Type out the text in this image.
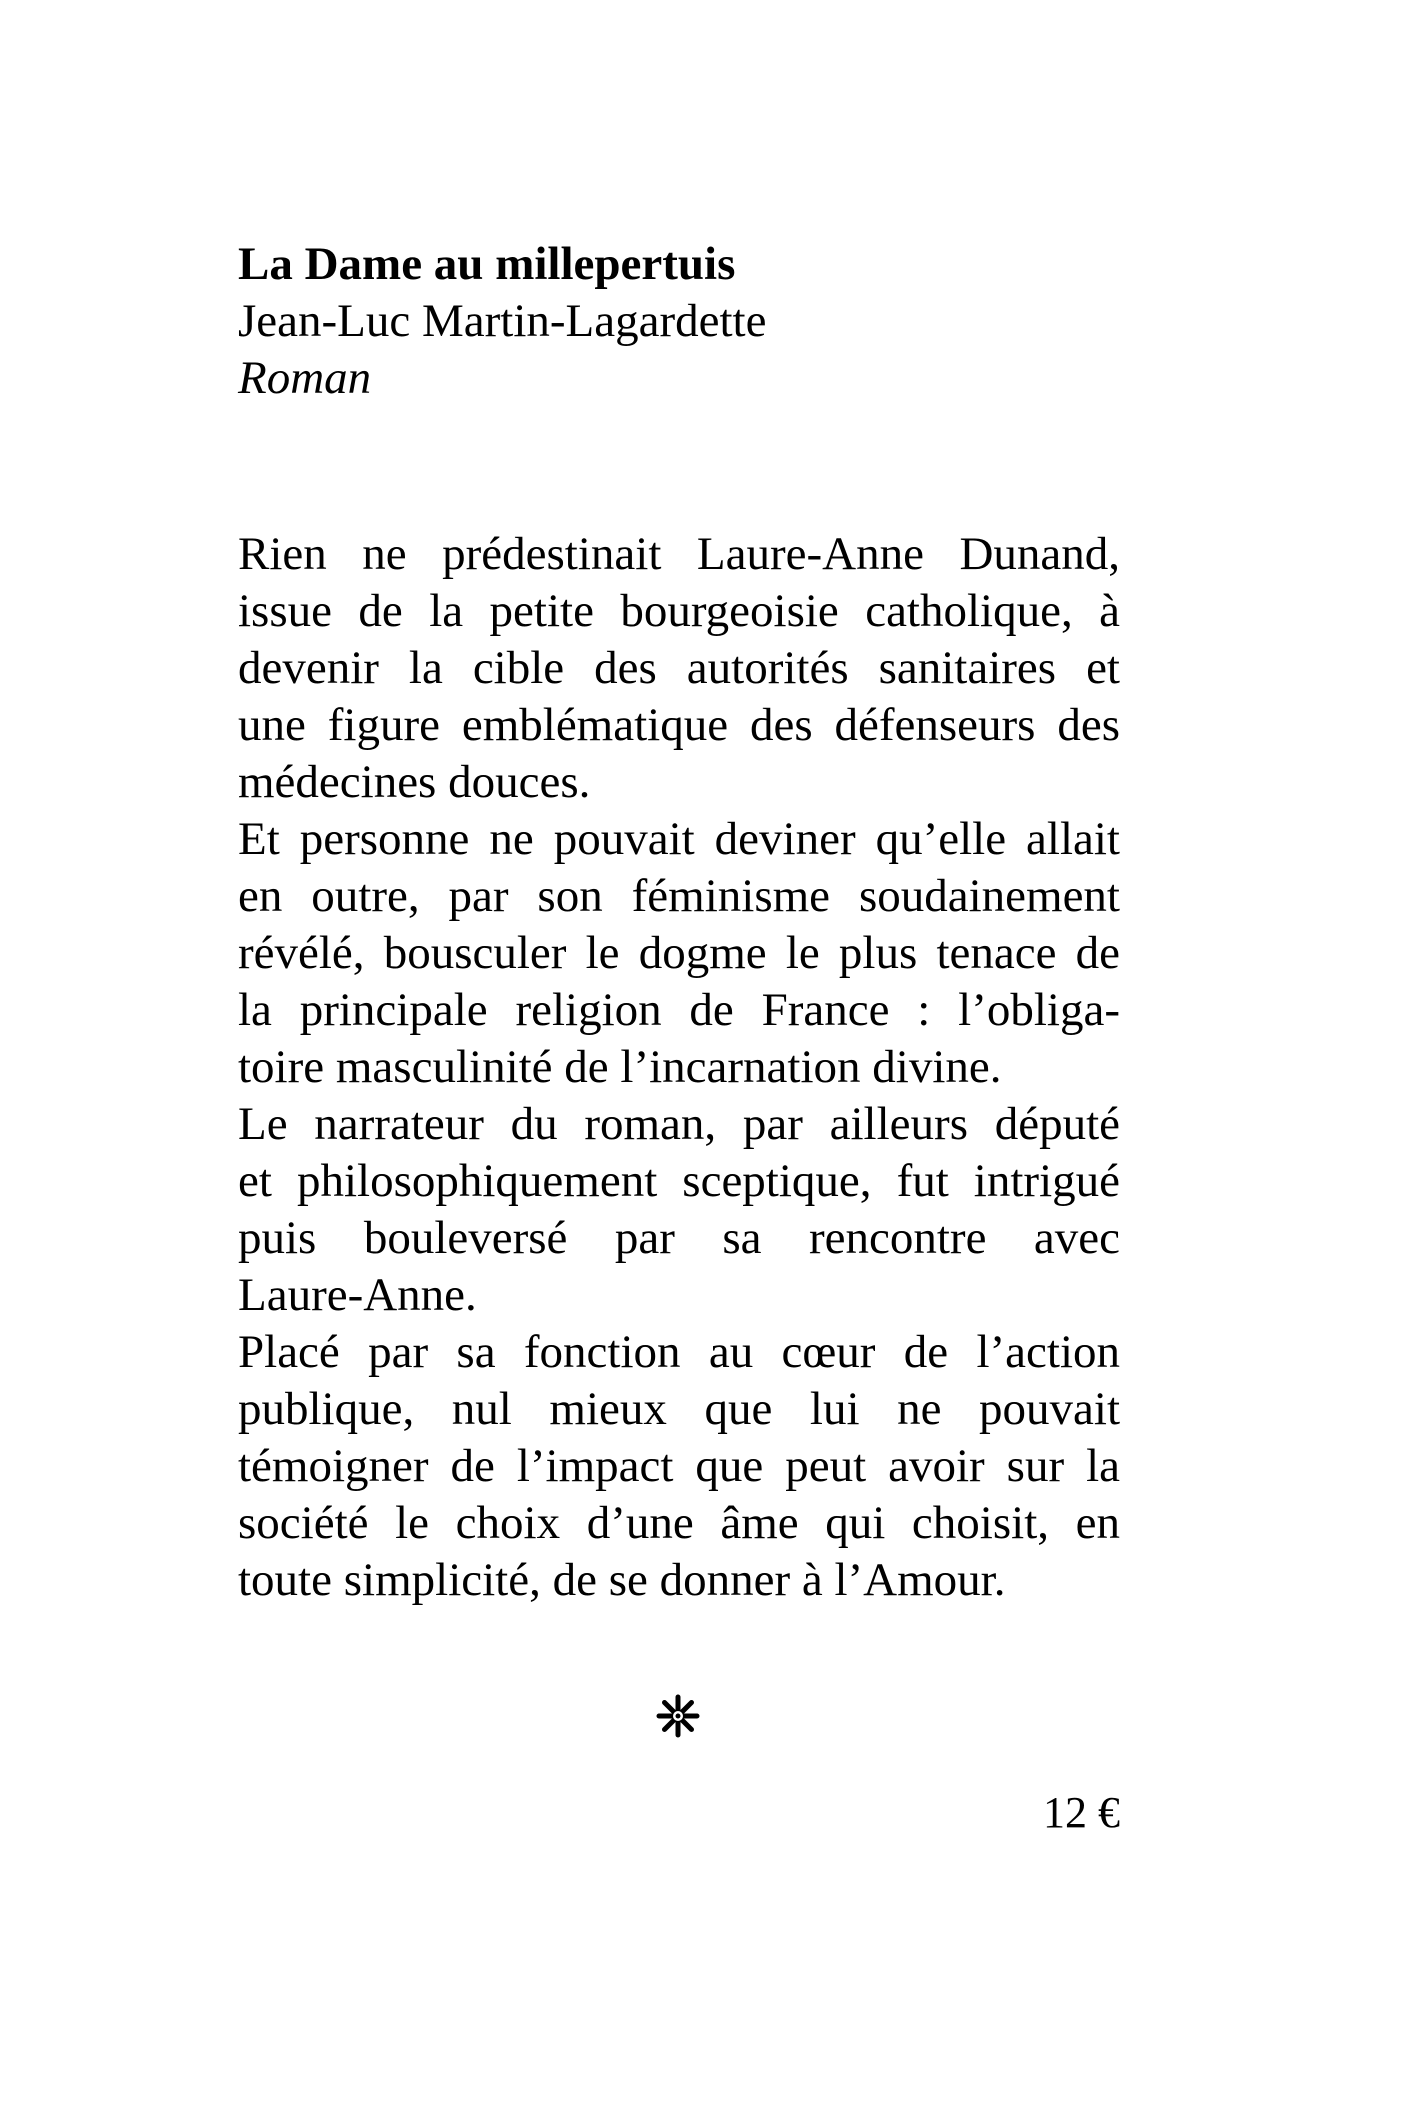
La Dame au millepertuis
Jean-Luc Martin-Lagardette
Roman

Rien ne prédestinait Laure-Anne Dunand,
issue de la petite bourgeoisie catholique, à
devenir la cible des autorités sanitaires et
une figure emblématique des défenseurs des
médecines douces.

Et personne ne pouvait deviner qu’elle allait
en outre, par son féminisme soudainement
révélé, bousculer le dogme le plus tenace de
la principale religion de France : l’obliga-
toire masculinité de l’incarnation divine.

Le narrateur du roman, par ailleurs député
et philosophiquement sceptique, fut intrigué
puis bouleversé par sa rencontre avec
Laure-Anne.

Placé par sa fonction au cœur de l’action
publique, nul mieux que lui ne pouvait
témoigner de l’impact que peut avoir sur la
société le choix d’une âme qui choisit, en
toute simplicité, de se donner à l’Amour.

12 €
